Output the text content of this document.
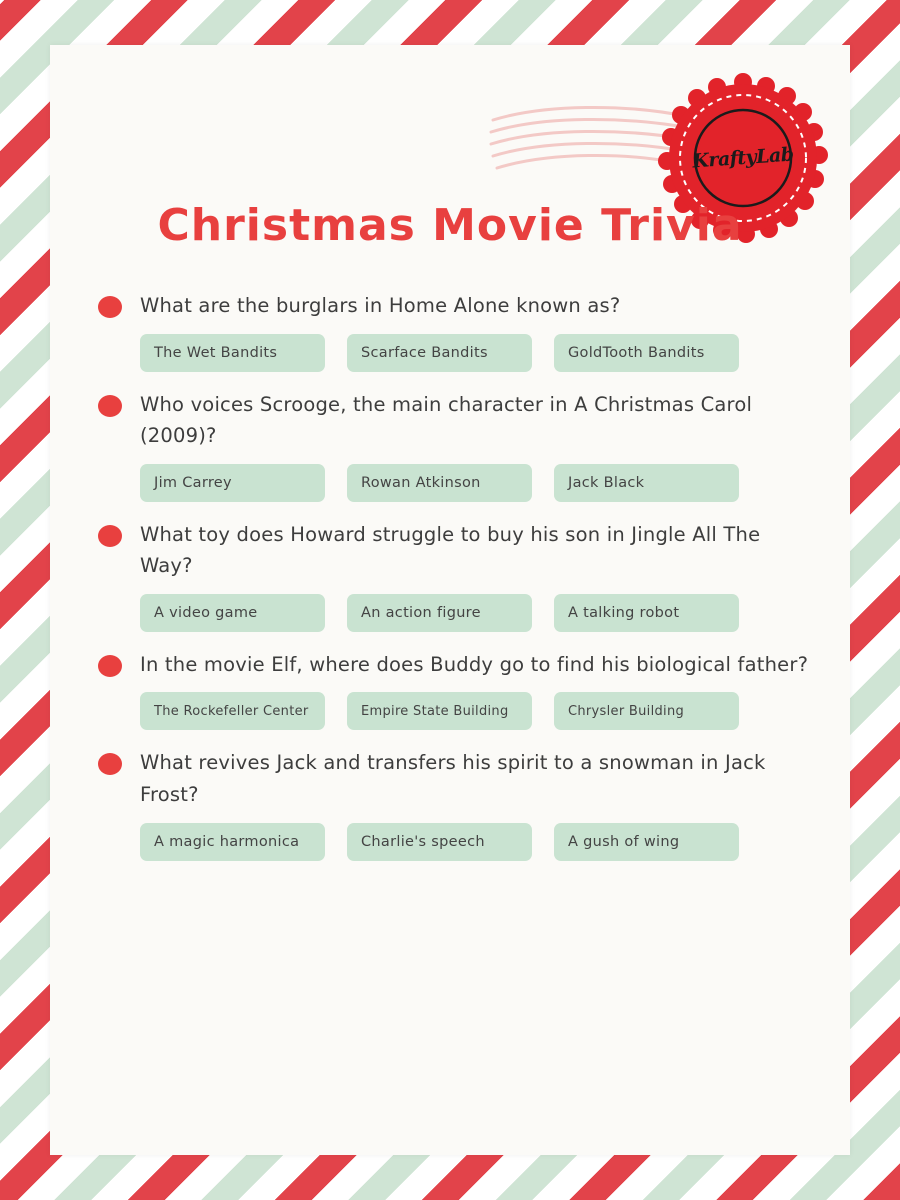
KraftyLab
Christmas Movie Trivia
What are the burglars in Home Alone known as?
The Wet Bandits	Scarface Bandits	GoldTooth Bandits
Who voices Scrooge, the main character in A Christmas Carol (2009)?
Jim Carrey	Rowan Atkinson	Jack Black
What toy does Howard struggle to buy his son in Jingle All The Way?
A video game	An action figure	A talking robot
In the movie Elf, where does Buddy go to find his biological father?
The Rockefeller Center	Empire State Building	Chrysler Building
What revives Jack and transfers his spirit to a snowman in Jack Frost?
A magic harmonica	Charlie's speech	A gush of wing
